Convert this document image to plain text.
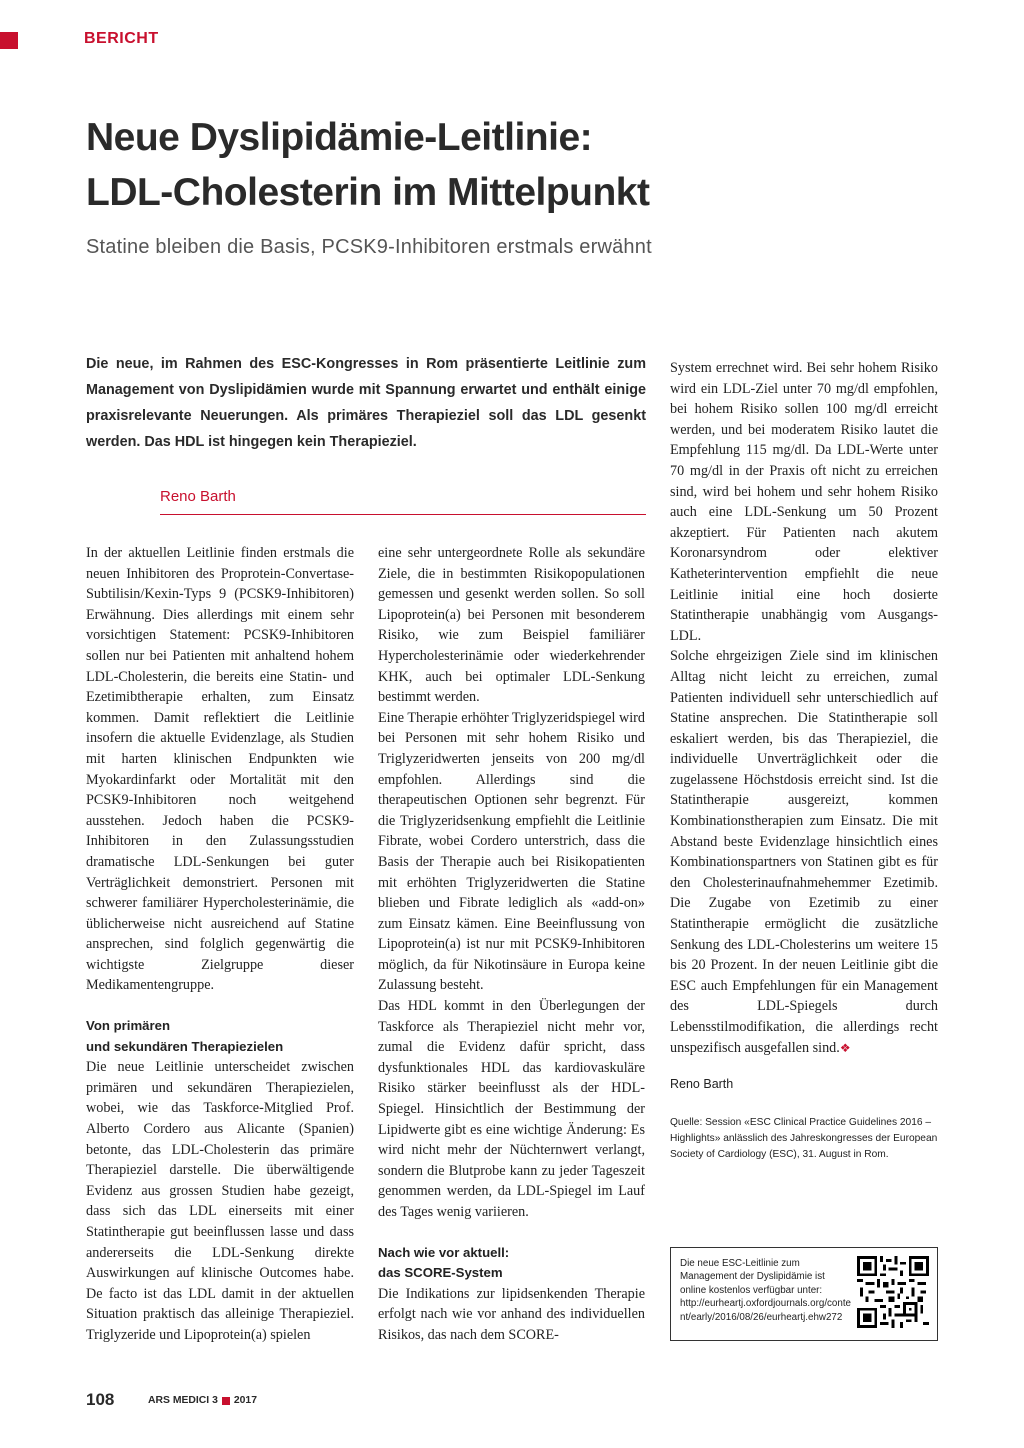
BERICHT
Neue Dyslipidämie-Leitlinie:
LDL-Cholesterin im Mittelpunkt
Statine bleiben die Basis, PCSK9-Inhibitoren erstmals erwähnt
Die neue, im Rahmen des ESC-Kongresses in Rom präsentierte Leitlinie zum Management von Dyslipidämien wurde mit Spannung erwartet und enthält einige praxisrelevante Neuerungen. Als primäres Therapieziel soll das LDL gesenkt werden. Das HDL ist hingegen kein Therapieziel.
Reno Barth

In der aktuellen Leitlinie finden erstmals die neuen Inhibitoren des Proprotein-Convertase-Subtilisin/Kexin-Typs 9 (PCSK9-Inhibitoren) Erwähnung. Dies allerdings mit einem sehr vorsichtigen Statement: PCSK9-Inhibitoren sollen nur bei Patienten mit anhaltend hohem LDL-Cholesterin, die bereits eine Statin- und Ezetimibtherapie erhalten, zum Einsatz kommen. Damit reflektiert die Leitlinie insofern die aktuelle Evidenzlage, als Studien mit harten klinischen Endpunkten wie Myokardinfarkt oder Mortalität mit den PCSK9-Inhibitoren noch weitgehend ausstehen. Jedoch haben die PCSK9-Inhibitoren in den Zulassungsstudien dramatische LDL-Senkungen bei guter Verträglichkeit demonstriert. Personen mit schwerer familiärer Hypercholesterinämie, die üblicherweise nicht ausreichend auf Statine ansprechen, sind folglich gegenwärtig die wichtigste Zielgruppe dieser Medikamentengruppe.

Von primären
und sekundären Therapiezielen

Die neue Leitlinie unterscheidet zwischen primären und sekundären Therapiezielen, wobei, wie das Taskforce-Mitglied Prof. Alberto Cordero aus Alicante (Spanien) betonte, das LDL-Cholesterin das primäre Therapieziel darstelle. Die überwältigende Evidenz aus grossen Studien habe gezeigt, dass sich das LDL einerseits mit einer Statintherapie gut beeinflussen lasse und dass andererseits die LDL-Senkung direkte Auswirkungen auf klinische Outcomes habe. De facto ist das LDL damit in der aktuellen Situation praktisch das alleinige Therapieziel. Triglyzeride und Lipoprotein(a) spielen

eine sehr untergeordnete Rolle als sekundäre Ziele, die in bestimmten Risikopopulationen gemessen und gesenkt werden sollen. So soll Lipoprotein(a) bei Personen mit besonderem Risiko, wie zum Beispiel familiärer Hypercholesterinämie oder wiederkehrender KHK, auch bei optimaler LDL-Senkung bestimmt werden.

Eine Therapie erhöhter Triglyzeridspiegel wird bei Personen mit sehr hohem Risiko und Triglyzeridwerten jenseits von 200 mg/dl empfohlen. Allerdings sind die therapeutischen Optionen sehr begrenzt. Für die Triglyzeridsenkung empfiehlt die Leitlinie Fibrate, wobei Cordero unterstrich, dass die Basis der Therapie auch bei Risikopatienten mit erhöhten Triglyzeridwerten die Statine blieben und Fibrate lediglich als «add-on» zum Einsatz kämen. Eine Beeinflussung von Lipoprotein(a) ist nur mit PCSK9-Inhibitoren möglich, da für Nikotinsäure in Europa keine Zulassung besteht.

Das HDL kommt in den Überlegungen der Taskforce als Therapieziel nicht mehr vor, zumal die Evidenz dafür spricht, dass dysfunktionales HDL das kardiovaskuläre Risiko stärker beeinflusst als der HDL-Spiegel. Hinsichtlich der Bestimmung der Lipidwerte gibt es eine wichtige Änderung: Es wird nicht mehr der Nüchternwert verlangt, sondern die Blutprobe kann zu jeder Tageszeit genommen werden, da LDL-Spiegel im Lauf des Tages wenig variieren.

Nach wie vor aktuell:
das SCORE-System

Die Indikations zur lipidsenkenden Therapie erfolgt nach wie vor anhand des individuellen Risikos, das nach dem SCORE-

System errechnet wird. Bei sehr hohem Risiko wird ein LDL-Ziel unter 70 mg/dl empfohlen, bei hohem Risiko sollen 100 mg/dl erreicht werden, und bei moderatem Risiko lautet die Empfehlung 115 mg/dl. Da LDL-Werte unter 70 mg/dl in der Praxis oft nicht zu erreichen sind, wird bei hohem und sehr hohem Risiko auch eine LDL-Senkung um 50 Prozent akzeptiert. Für Patienten nach akutem Koronarsyndrom oder elektiver Katheterintervention empfiehlt die neue Leitlinie initial eine hoch dosierte Statintherapie unabhängig vom Ausgangs-LDL.

Solche ehrgeizigen Ziele sind im klinischen Alltag nicht leicht zu erreichen, zumal Patienten individuell sehr unterschiedlich auf Statine ansprechen. Die Statintherapie soll eskaliert werden, bis das Therapieziel, die individuelle Unverträglichkeit oder die zugelassene Höchstdosis erreicht sind. Ist die Statintherapie ausgereizt, kommen Kombinationstherapien zum Einsatz. Die mit Abstand beste Evidenzlage hinsichtlich eines Kombinationspartners von Statinen gibt es für den Cholesterinaufnahmehemmer Ezetimib. Die Zugabe von Ezetimib zu einer Statintherapie ermöglicht die zusätzliche Senkung des LDL-Cholesterins um weitere 15 bis 20 Prozent. In der neuen Leitlinie gibt die ESC auch Empfehlungen für ein Management des LDL-Spiegels durch Lebensstilmodifikation, die allerdings recht unspezifisch ausgefallen sind.❖

Reno Barth
Quelle: Session «ESC Clinical Practice Guidelines 2016 – Highlights» anlässlich des Jahreskongresses der European Society of Cardiology (ESC), 31. August in Rom.
Die neue ESC-Leitlinie zum Management der Dyslipidämie ist online kostenlos verfügbar unter:
http://eurheartj.oxfordjournals.org/content/early/2016/08/26/eurheartj.ehw272
108	ARS MEDICI 3 2017
